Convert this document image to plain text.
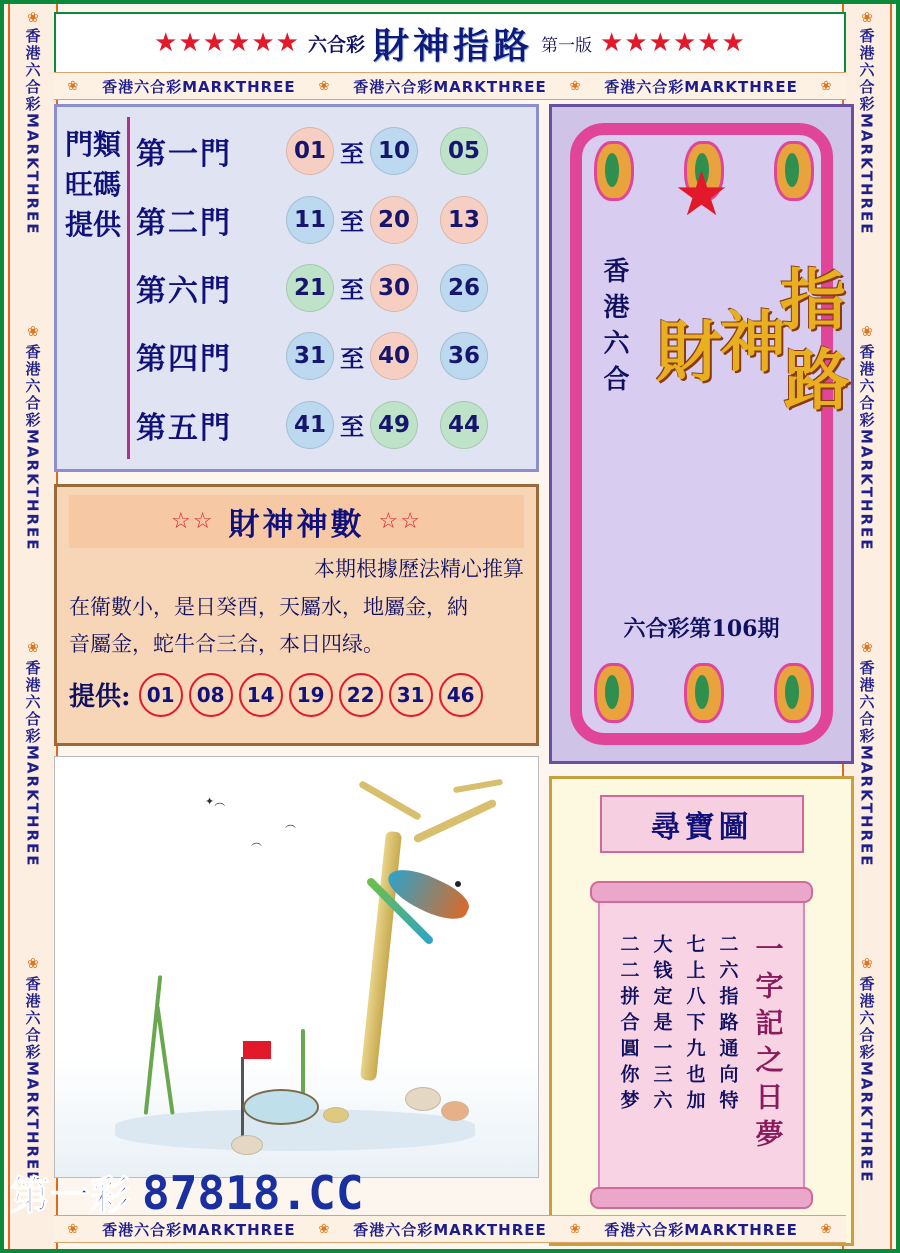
❀
香港六合彩MARKTHREE
❀
香港六合彩MARKTHREE
❀
香港六合彩MARKTHREE
❀
香港六合彩MARKTHREE
❀
香港六合彩MARKTHREE
❀
香港六合彩MARKTHREE
❀
香港六合彩MARKTHREE
❀
香港六合彩MARKTHREE
★★★★★★ 六合彩 財神指路 第一版 ★★★★★★
❀ 香港六合彩MARKTHREE ❀ 香港六合彩MARKTHREE ❀ 香港六合彩MARKTHREE ❀
門類旺碼提供
第一門	01 至 10	05
第二門	11 至 20	13
第六門	21 至 30	26
第四門	31 至 40	36
第五門	41 至 49	44
☆☆ 財神神數 ☆☆
本期根據歷法精心推算
在衛數小，是日癸酉，天屬水，地屬金，納
音屬金，蛇牛合三合，本日四绿。
提供: 01	08	14	19	22	31	46
✦︵
︵
︵
★
香港六合 財
神
指
路
六合彩第106期
尋寶圖
一字記之日夢
二六指路通向特
七上八下九也加
大钱定是一三六
二二拼合圓你梦
第一彩 87818.CC
❀ 香港六合彩MARKTHREE ❀ 香港六合彩MARKTHREE ❀ 香港六合彩MARKTHREE ❀
